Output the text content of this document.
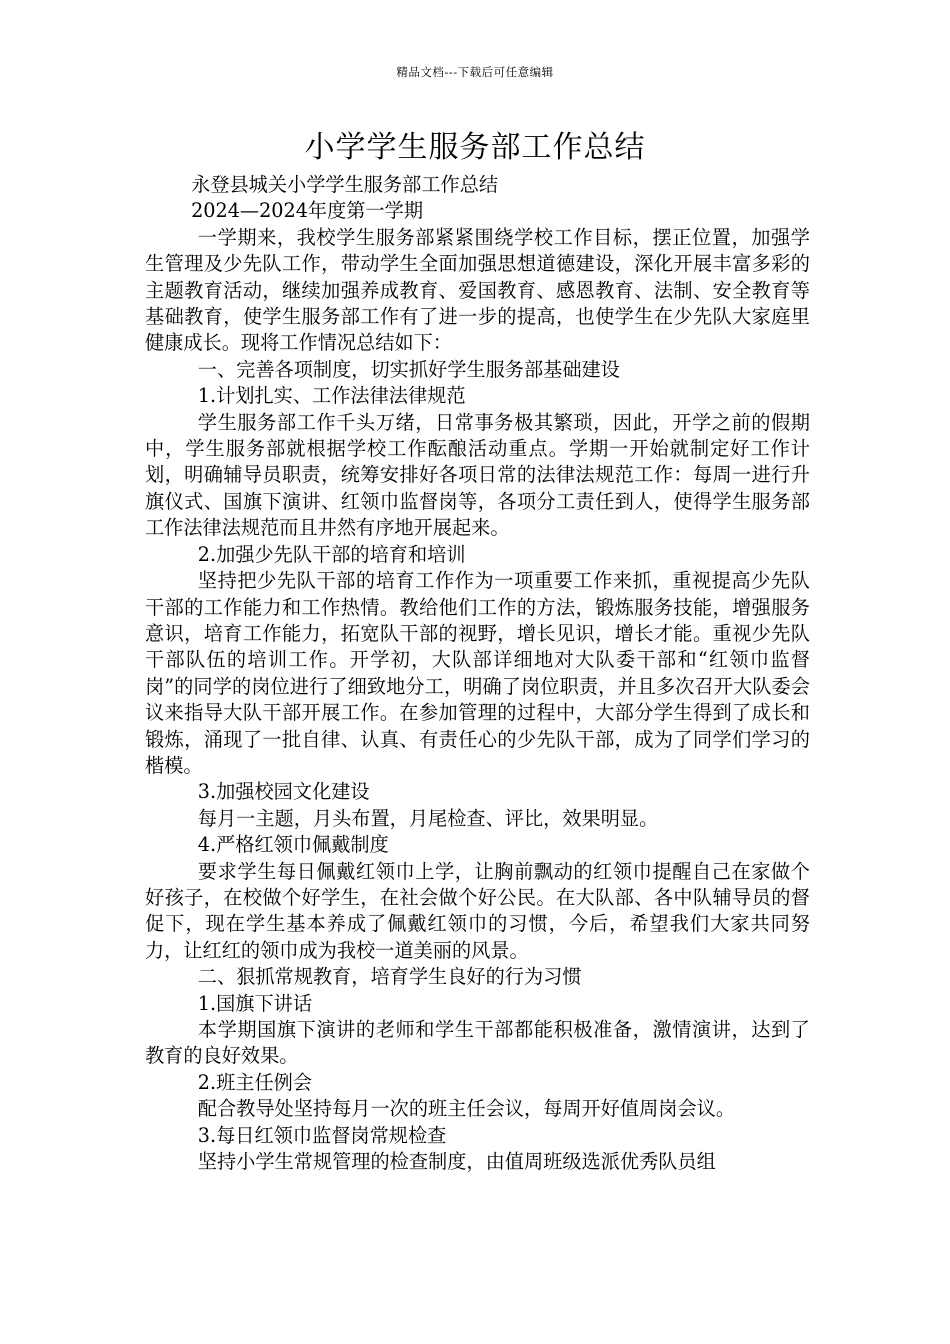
精品文档---下载后可任意编辑
小学学生服务部工作总结

永登县城关小学学生服务部工作总结

2024—2024年度第一学期

一学期来，我校学生服务部紧紧围绕学校工作目标，摆正位置，加强学生管理及少先队工作，带动学生全面加强思想道德建设，深化开展丰富多彩的主题教育活动，继续加强养成教育、爱国教育、感恩教育、法制、安全教育等基础教育，使学生服务部工作有了进一步的提高，也使学生在少先队大家庭里健康成长。现将工作情况总结如下：

一、完善各项制度，切实抓好学生服务部基础建设

1.计划扎实、工作法律法律规范

学生服务部工作千头万绪，日常事务极其繁琐，因此，开学之前的假期中，学生服务部就根据学校工作酝酿活动重点。学期一开始就制定好工作计划，明确辅导员职责，统筹安排好各项日常的法律法规范工作：每周一进行升旗仪式、国旗下演讲、红领巾监督岗等，各项分工责任到人，使得学生服务部工作法律法规范而且井然有序地开展起来。

2.加强少先队干部的培育和培训

坚持把少先队干部的培育工作作为一项重要工作来抓，重视提高少先队干部的工作能力和工作热情。教给他们工作的方法，锻炼服务技能，增强服务意识，培育工作能力，拓宽队干部的视野，增长见识，增长才能。重视少先队干部队伍的培训工作。开学初，大队部详细地对大队委干部和“红领巾监督岗”的同学的岗位进行了细致地分工，明确了岗位职责，并且多次召开大队委会议来指导大队干部开展工作。在参加管理的过程中，大部分学生得到了成长和锻炼，涌现了一批自律、认真、有责任心的少先队干部，成为了同学们学习的楷模。

3.加强校园文化建设

每月一主题，月头布置，月尾检查、评比，效果明显。

4.严格红领巾佩戴制度

要求学生每日佩戴红领巾上学，让胸前飘动的红领巾提醒自己在家做个好孩子，在校做个好学生，在社会做个好公民。在大队部、各中队辅导员的督促下，现在学生基本养成了佩戴红领巾的习惯，今后，希望我们大家共同努力，让红红的领巾成为我校一道美丽的风景。

二、狠抓常规教育，培育学生良好的行为习惯

1.国旗下讲话

本学期国旗下演讲的老师和学生干部都能积极准备，激情演讲，达到了教育的良好效果。

2.班主任例会

配合教导处坚持每月一次的班主任会议，每周开好值周岗会议。

3.每日红领巾监督岗常规检查

坚持小学生常规管理的检查制度，由值周班级选派优秀队员组
